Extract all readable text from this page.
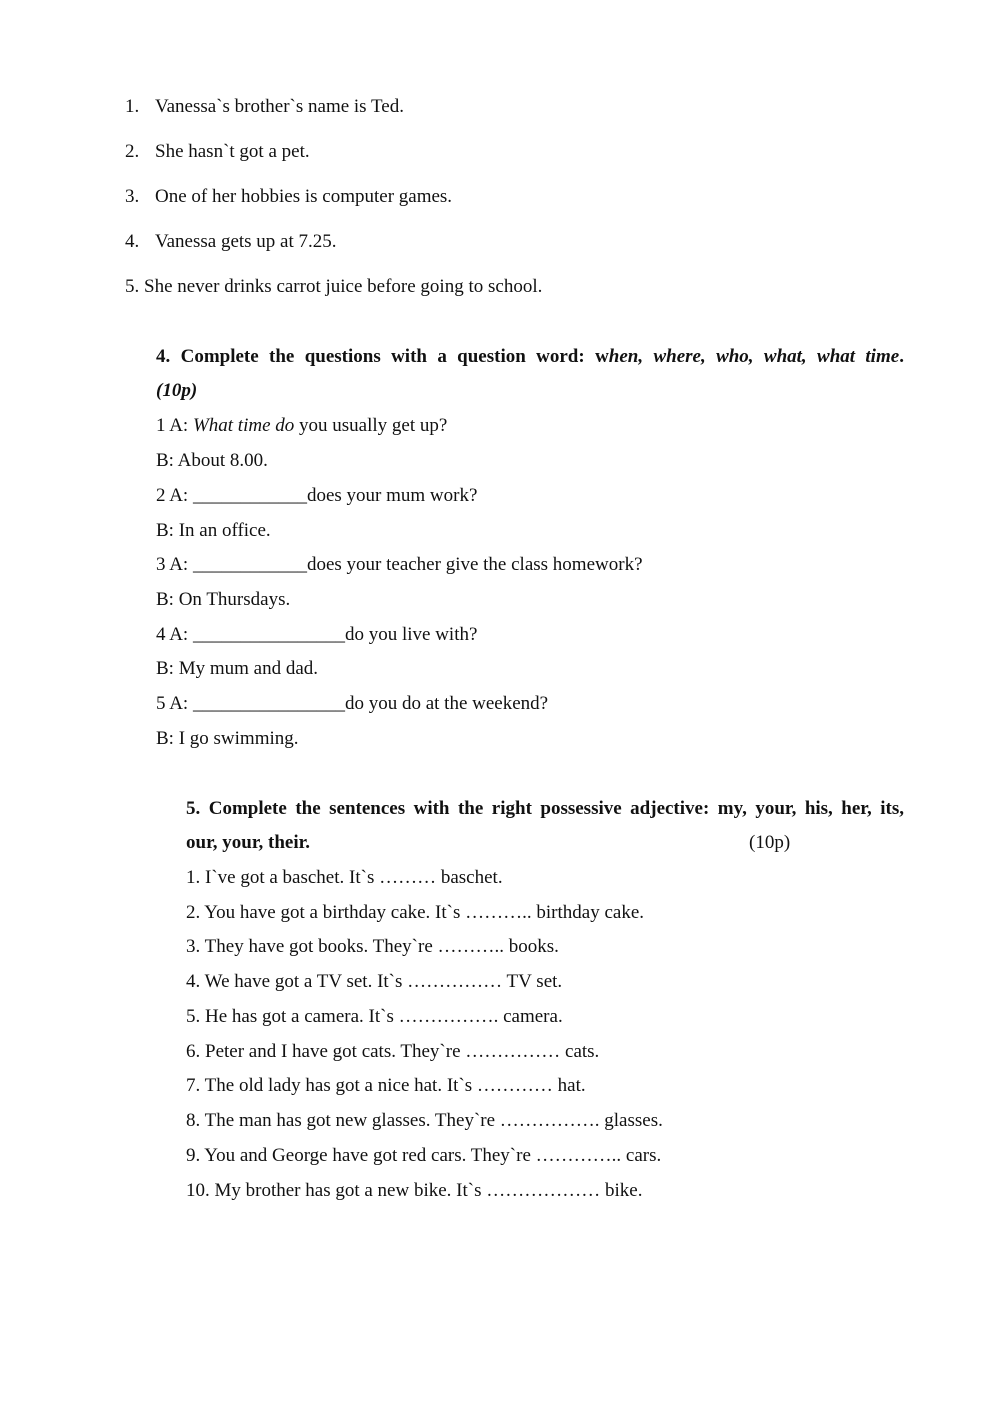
1. Vanessa`s brother`s name is Ted.
2. She hasn`t got a pet.
3. One of her hobbies is computer games.
4. Vanessa gets up at 7.25.
5. She never drinks carrot juice before going to school.
4. Complete the questions with a question word: when, where, who, what, what time.
(10p)
1 A: What time do you usually get up?
B: About 8.00.
2 A: ____________does your mum work?
B: In an office.
3 A: ____________does your teacher give the class homework?
B: On Thursdays.
4 A: ________________do you live with?
B: My mum and dad.
5 A: ________________do you do at the weekend?
B: I go swimming.
5. Complete the sentences with the right possessive adjective: my, your, his, her, its,
our, your, their.	(10p)
1. I`ve got a baschet. It`s ……… baschet.
2. You have got a birthday cake. It`s ……….. birthday cake.
3. They have got books. They`re ……….. books.
4. We have got a TV set. It`s …………… TV set.
5. He has got a camera. It`s ……………. camera.
6. Peter and I have got cats. They`re …………… cats.
7. The old lady has got a nice hat. It`s ………… hat.
8. The man has got new glasses. They`re ……………. glasses.
9. You and George have got red cars. They`re ………….. cars.
10. My brother has got a new bike. It`s ……………… bike.
